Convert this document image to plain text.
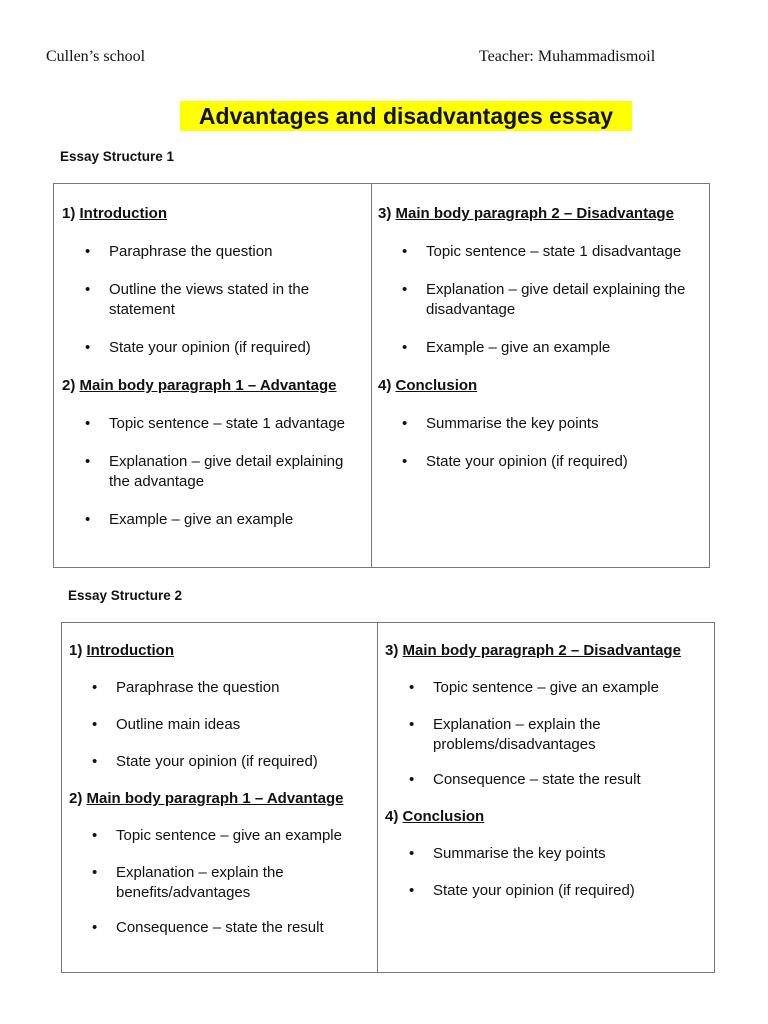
Cullen’s school	Teacher: Muhammadismoil
Advantages and disadvantages essay
Essay Structure 1
1) Introduction
• Paraphrase the question
• Outline the views stated in the statement
• State your opinion (if required)
2) Main body paragraph 1 – Advantage
• Topic sentence – state 1 advantage
• Explanation – give detail explaining the advantage
• Example – give an example
3) Main body paragraph 2 – Disadvantage
• Topic sentence – state 1 disadvantage
• Explanation – give detail explaining the disadvantage
• Example – give an example
4) Conclusion
• Summarise the key points
• State your opinion (if required)
Essay Structure 2
1) Introduction
• Paraphrase the question
• Outline main ideas
• State your opinion (if required)
2) Main body paragraph 1 – Advantage
• Topic sentence – give an example
• Explanation – explain the benefits/advantages
• Consequence – state the result
3) Main body paragraph 2 – Disadvantage
• Topic sentence – give an example
• Explanation – explain the problems/disadvantages
• Consequence – state the result
4) Conclusion
• Summarise the key points
• State your opinion (if required)
